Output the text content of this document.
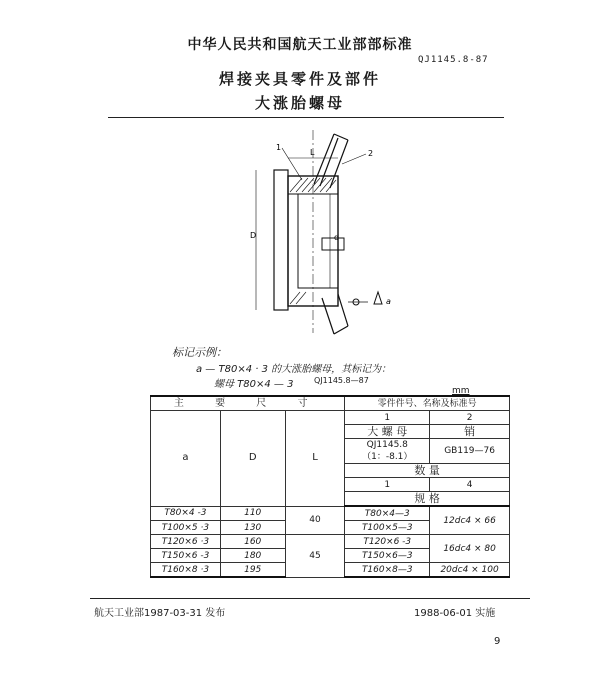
中华人民共和国航天工业部部标准
QJ1145.8-87
焊接夹具零件及部件
大涨胎螺母
1
2
D	d
L
a
标记示例：
a — T80×4 · 3 的大涨胎螺母，其标记为：
螺母 T80×4 — 3	QJ1145.8—87
mm
主 要 尺 寸			零件件号、名称及标准号	
a	D	L	1	2
			大 螺 母	销
			QJ1145.8（1：-8.1）	GB119—76
			数 量	
			1	4
			规 格	
T80×4 -3	110	40	T80×4—3	12dc4 × 66
T100×5 ·3	130		T100×5—3	
T120×6 ·3	160	45	T120×6 -3	16dc4 × 80
T150×6 -3	180		T150×6—3	
T160×8 ·3	195		T160×8—3	20dc4 × 100
航天工业部1987-03-31 发布	1988-06-01 实施
9
